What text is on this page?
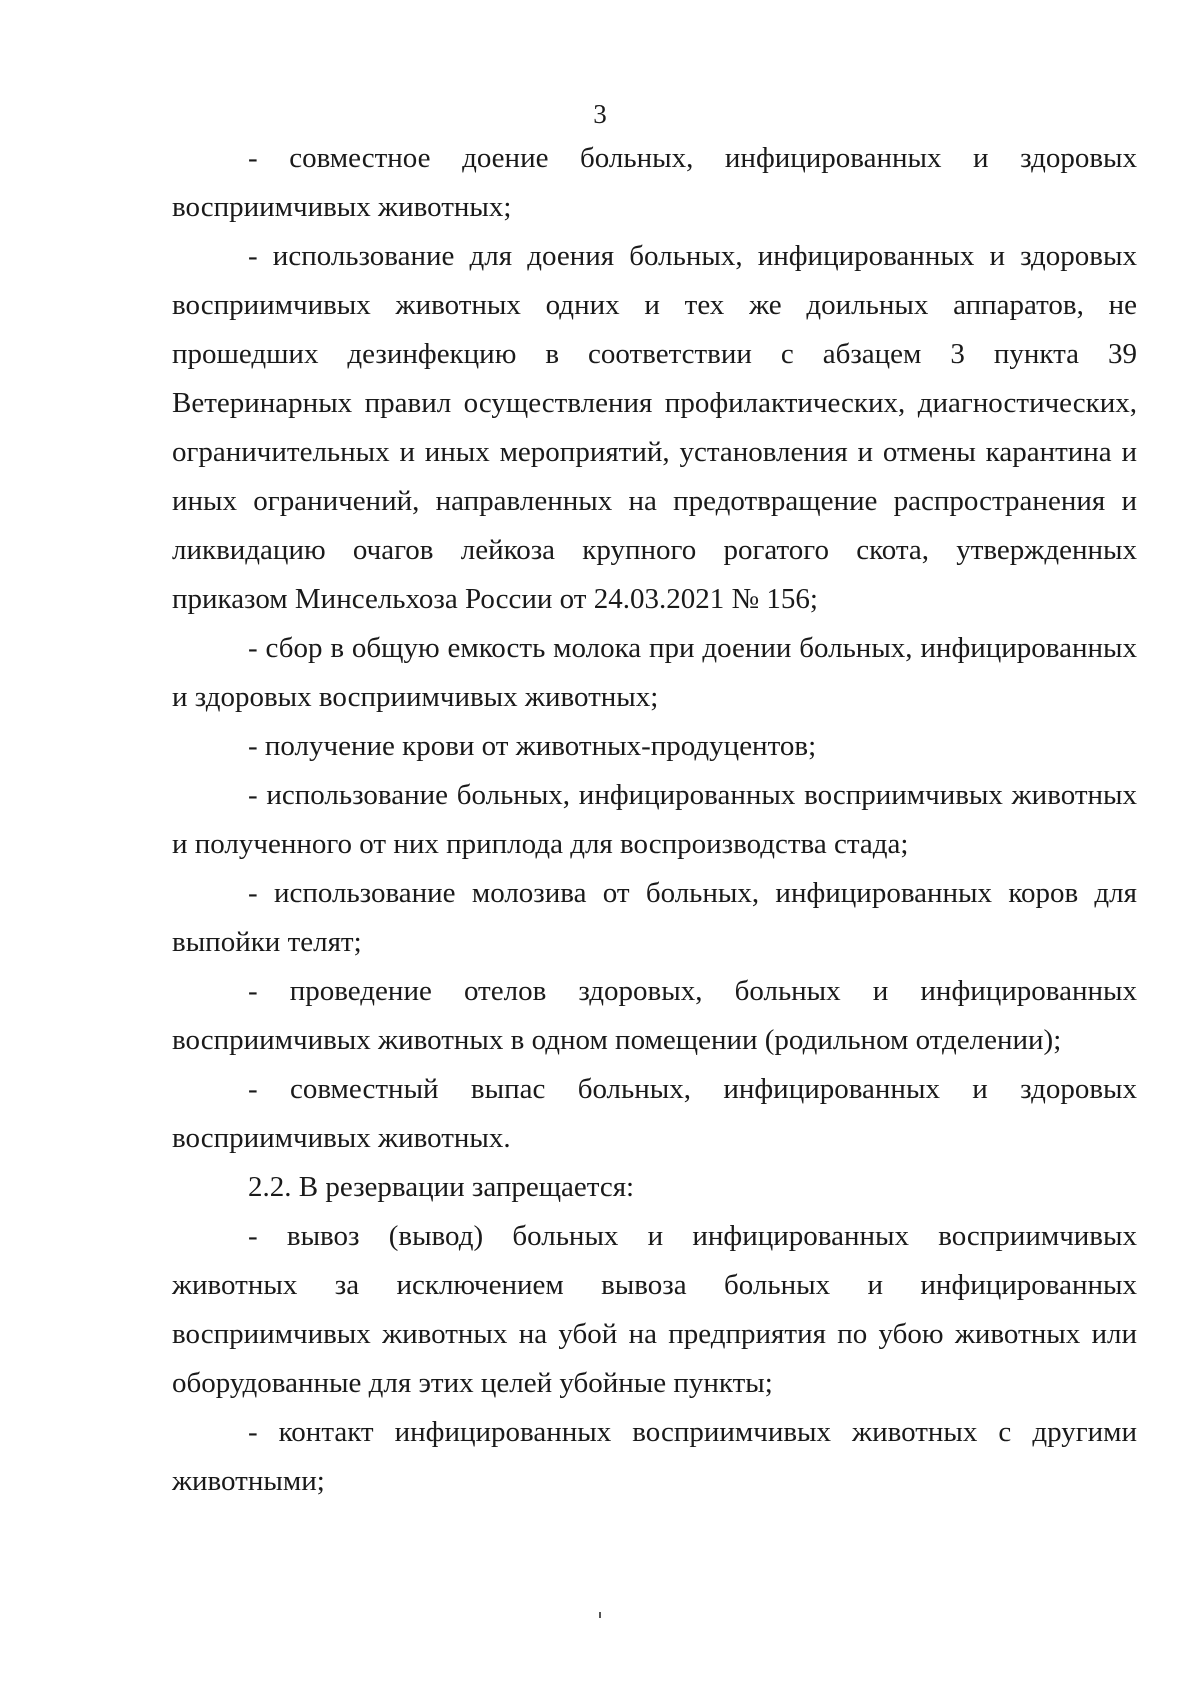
3

- совместное доение больных, инфицированных и здоровых восприимчивых животных;

- использование для доения больных, инфицированных и здоровых восприимчивых животных одних и тех же доильных аппаратов, не прошедших дезинфекцию в соответствии с абзацем 3 пункта 39 Ветеринарных правил осуществления профилактических, диагностических, ограничительных и иных мероприятий, установления и отмены карантина и иных ограничений, направленных на предотвращение распространения и ликвидацию очагов лейкоза крупного рогатого скота, утвержденных приказом Минсельхоза России от 24.03.2021 № 156;

- сбор в общую емкость молока при доении больных, инфицированных и здоровых восприимчивых животных;

- получение крови от животных-продуцентов;

- использование больных, инфицированных восприимчивых животных и полученного от них приплода для воспроизводства стада;

- использование молозива от больных, инфицированных коров для выпойки телят;

- проведение отелов здоровых, больных и инфицированных восприимчивых животных в одном помещении (родильном отделении);

- совместный выпас больных, инфицированных и здоровых восприимчивых животных.

2.2. В резервации запрещается:

- вывоз (вывод) больных и инфицированных восприимчивых животных за исключением вывоза больных и инфицированных восприимчивых животных на убой на предприятия по убою животных или оборудованные для этих целей убойные пункты;

- контакт инфицированных восприимчивых животных с другими животными;
